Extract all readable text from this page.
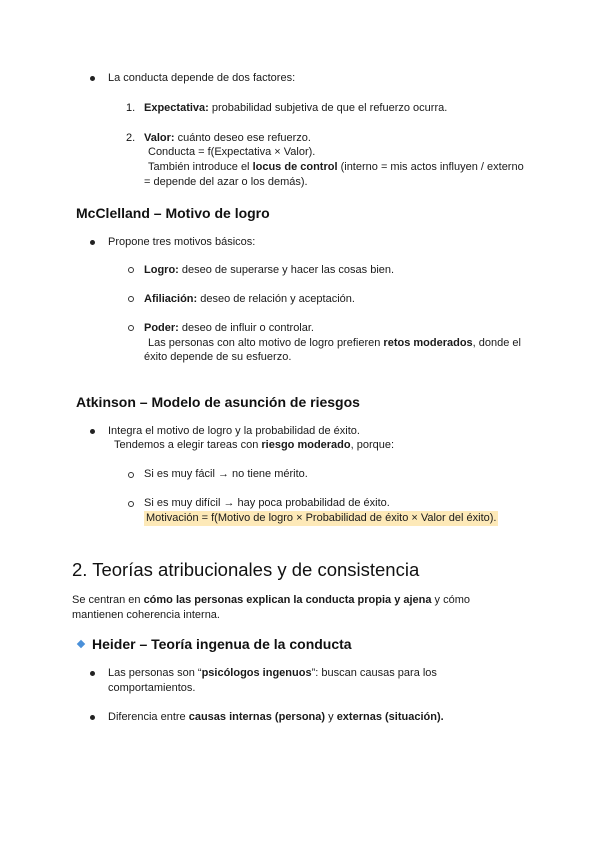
La conducta depende de dos factores:
1. Expectativa: probabilidad subjetiva de que el refuerzo ocurra.
2. Valor: cuánto deseo ese refuerzo.
Conducta = f(Expectativa × Valor).
También introduce el locus de control (interno = mis actos influyen / externo
= depende del azar o los demás).
McClelland – Motivo de logro
Propone tres motivos básicos:
Logro: deseo de superarse y hacer las cosas bien.
Afiliación: deseo de relación y aceptación.
Poder: deseo de influir o controlar.
Las personas con alto motivo de logro prefieren retos moderados, donde el
éxito depende de su esfuerzo.
Atkinson – Modelo de asunción de riesgos
Integra el motivo de logro y la probabilidad de éxito.
Tendemos a elegir tareas con riesgo moderado, porque:
Si es muy fácil → no tiene mérito.
Si es muy difícil → hay poca probabilidad de éxito.
Motivación = f(Motivo de logro × Probabilidad de éxito × Valor del éxito).
2. Teorías atribucionales y de consistencia
Se centran en cómo las personas explican la conducta propia y ajena y cómo
mantienen coherencia interna.
Heider – Teoría ingenua de la conducta
Las personas son “psicólogos ingenuos”: buscan causas para los
comportamientos.
Diferencia entre causas internas (persona) y externas (situación).
